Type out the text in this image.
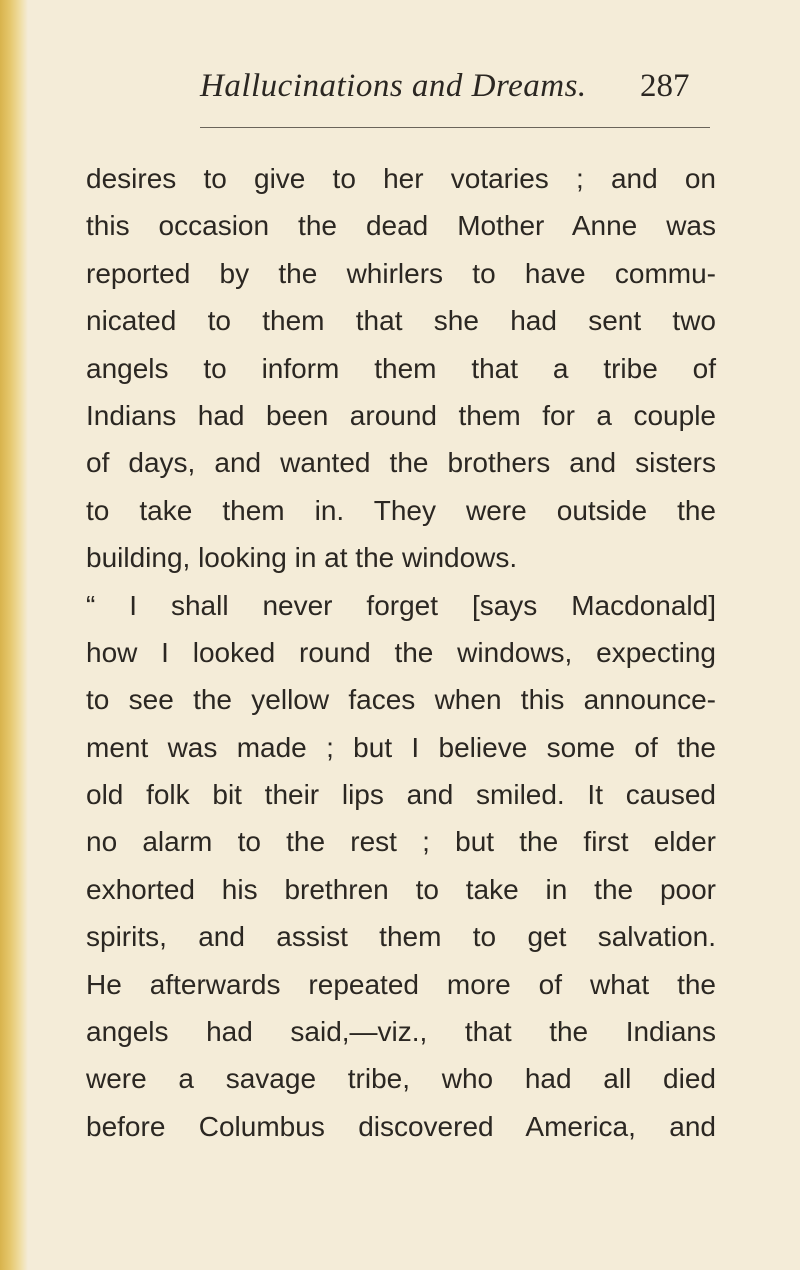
Hallucinations and Dreams.	287
desires to give to her votaries ; and on
this occasion the dead Mother Anne was
reported by the whirlers to have commu-
nicated to them that she had sent two
angels to inform them that a tribe of
Indians had been around them for a couple
of days, and wanted the brothers and sisters
to take them in. They were outside the
building, looking in at the windows.
“ I shall never forget [says Macdonald]
how I looked round the windows, expecting
to see the yellow faces when this announce-
ment was made ; but I believe some of the
old folk bit their lips and smiled. It caused
no alarm to the rest ; but the first elder
exhorted his brethren to take in the poor
spirits, and assist them to get salvation.
He afterwards repeated more of what the
angels had said,—viz., that the Indians
were a savage tribe, who had all died
before Columbus discovered America, and
